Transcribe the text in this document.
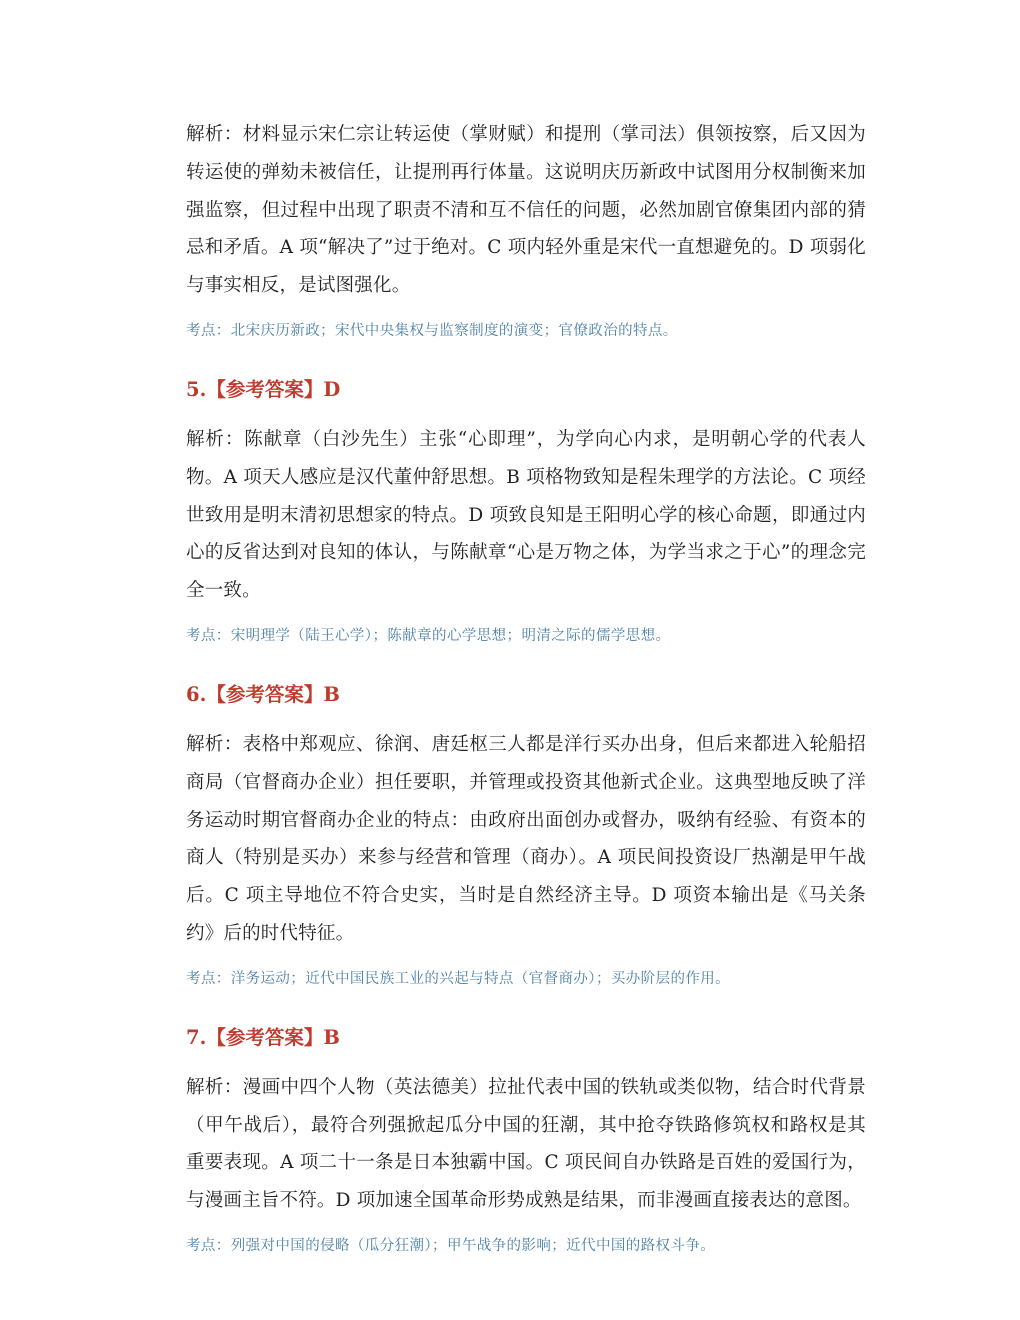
解析：材料显示宋仁宗让转运使（掌财赋）和提刑（掌司法）俱领按察，后又因为转运使的弹劾未被信任，让提刑再行体量。这说明庆历新政中试图用分权制衡来加强监察，但过程中出现了职责不清和互不信任的问题，必然加剧官僚集团内部的猜忌和矛盾。A 项“解决了”过于绝对。C 项内轻外重是宋代一直想避免的。D 项弱化与事实相反，是试图强化。

考点：北宋庆历新政；宋代中央集权与监察制度的演变；官僚政治的特点。

5.【参考答案】D

解析：陈献章（白沙先生）主张“心即理”，为学向心内求，是明朝心学的代表人物。A 项天人感应是汉代董仲舒思想。B 项格物致知是程朱理学的方法论。C 项经世致用是明末清初思想家的特点。D 项致良知是王阳明心学的核心命题，即通过内心的反省达到对良知的体认，与陈献章“心是万物之体，为学当求之于心”的理念完全一致。

考点：宋明理学（陆王心学）；陈献章的心学思想；明清之际的儒学思想。

6.【参考答案】B

解析：表格中郑观应、徐润、唐廷枢三人都是洋行买办出身，但后来都进入轮船招商局（官督商办企业）担任要职，并管理或投资其他新式企业。这典型地反映了洋务运动时期官督商办企业的特点：由政府出面创办或督办，吸纳有经验、有资本的商人（特别是买办）来参与经营和管理（商办）。A 项民间投资设厂热潮是甲午战后。C 项主导地位不符合史实，当时是自然经济主导。D 项资本输出是《马关条约》后的时代特征。

考点：洋务运动；近代中国民族工业的兴起与特点（官督商办）；买办阶层的作用。

7.【参考答案】B

解析：漫画中四个人物（英法德美）拉扯代表中国的铁轨或类似物，结合时代背景（甲午战后），最符合列强掀起瓜分中国的狂潮，其中抢夺铁路修筑权和路权是其重要表现。A 项二十一条是日本独霸中国。C 项民间自办铁路是百姓的爱国行为，与漫画主旨不符。D 项加速全国革命形势成熟是结果，而非漫画直接表达的意图。

考点：列强对中国的侵略（瓜分狂潮）；甲午战争的影响；近代中国的路权斗争。
